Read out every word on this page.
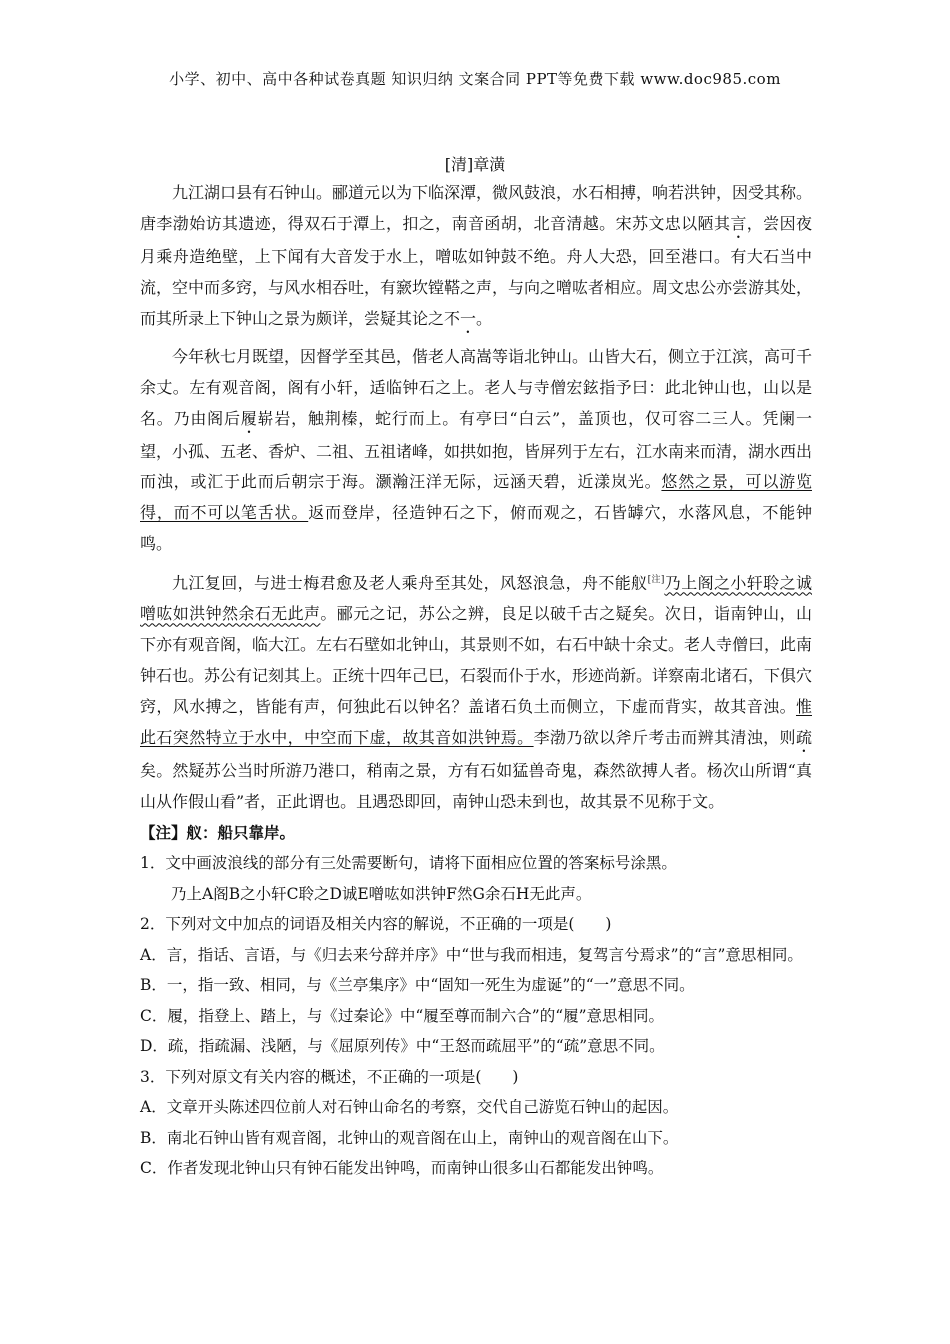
小学、初中、高中各种试卷真题 知识归纳 文案合同 PPT等免费下载 www.doc985.com
[清]章潢

九江湖口县有石钟山。郦道元以为下临深潭，微风鼓浪，水石相搏，响若洪钟，因受其称。唐李渤始访其遗迹，得双石于潭上，扣之，南音函胡，北音清越。宋苏文忠以陋其言，尝因夜月乘舟造绝壁，上下闻有大音发于水上，噌吰如钟鼓不绝。舟人大恐，回至港口。有大石当中流，空中而多窍，与风水相吞吐，有窾坎镗鞳之声，与向之噌吰者相应。周文忠公亦尝游其处，而其所录上下钟山之景为颇详，尝疑其论之不一。

今年秋七月既望，因督学至其邑，偕老人高嵩等诣北钟山。山皆大石，侧立于江滨，高可千余丈。左有观音阁，阁有小轩，适临钟石之上。老人与寺僧宏鉉指予曰：此北钟山也，山以是名。乃由阁后履崭岩，触荆榛，蛇行而上。有亭曰“白云”，盖顶也，仅可容二三人。凭阑一望，小孤、五老、香炉、二祖、五祖诸峰，如拱如抱，皆屏列于左右，江水南来而清，湖水西出而浊，或汇于此而后朝宗于海。灏瀚汪洋无际，远涵天碧，近漾岚光。悠然之景，可以游览得，而不可以笔舌状。返而登岸，径造钟石之下，俯而观之，石皆罅穴，水落风息，不能钟鸣。

九江复回，与进士梅君愈及老人乘舟至其处，风怒浪急，舟不能舣[注]乃上阁之小轩聆之诚噌吰如洪钟然余石无此声。郦元之记，苏公之辨，良足以破千古之疑矣。次日，诣南钟山，山下亦有观音阁，临大江。左右石壁如北钟山，其景则不如，右石中缺十余丈。老人寺僧曰，此南钟石也。苏公有记刻其上。正统十四年己巳，石裂而仆于水，形迹尚新。详察南北诸石，下俱穴窍，风水搏之，皆能有声，何独此石以钟名？盖诸石负土而侧立，下虚而背实，故其音浊。惟此石突然特立于水中，中空而下虚，故其音如洪钟焉。李渤乃欲以斧斤考击而辨其清浊，则疏矣。然疑苏公当时所游乃港口，稍南之景，方有石如猛兽奇鬼，森然欲搏人者。杨次山所谓“真山从作假山看”者，正此谓也。且遇恐即回，南钟山恐未到也，故其景不见称于文。

【注】舣：船只靠岸。

1．文中画波浪线的部分有三处需要断句，请将下面相应位置的答案标号涂黑。

乃上A阁B之小轩C聆之D诚E噌吰如洪钟F然G余石H无此声。

2．下列对文中加点的词语及相关内容的解说，不正确的一项是(　　)

A．言，指话、言语，与《归去来兮辞并序》中“世与我而相违，复驾言兮焉求”的“言”意思相同。

B．一，指一致、相同，与《兰亭集序》中“固知一死生为虚诞”的“一”意思不同。

C．履，指登上、踏上，与《过秦论》中“履至尊而制六合”的“履”意思相同。

D．疏，指疏漏、浅陋，与《屈原列传》中“王怒而疏屈平”的“疏”意思不同。

3．下列对原文有关内容的概述，不正确的一项是(　　)

A．文章开头陈述四位前人对石钟山命名的考察，交代自己游览石钟山的起因。

B．南北石钟山皆有观音阁，北钟山的观音阁在山上，南钟山的观音阁在山下。

C．作者发现北钟山只有钟石能发出钟鸣，而南钟山很多山石都能发出钟鸣。
